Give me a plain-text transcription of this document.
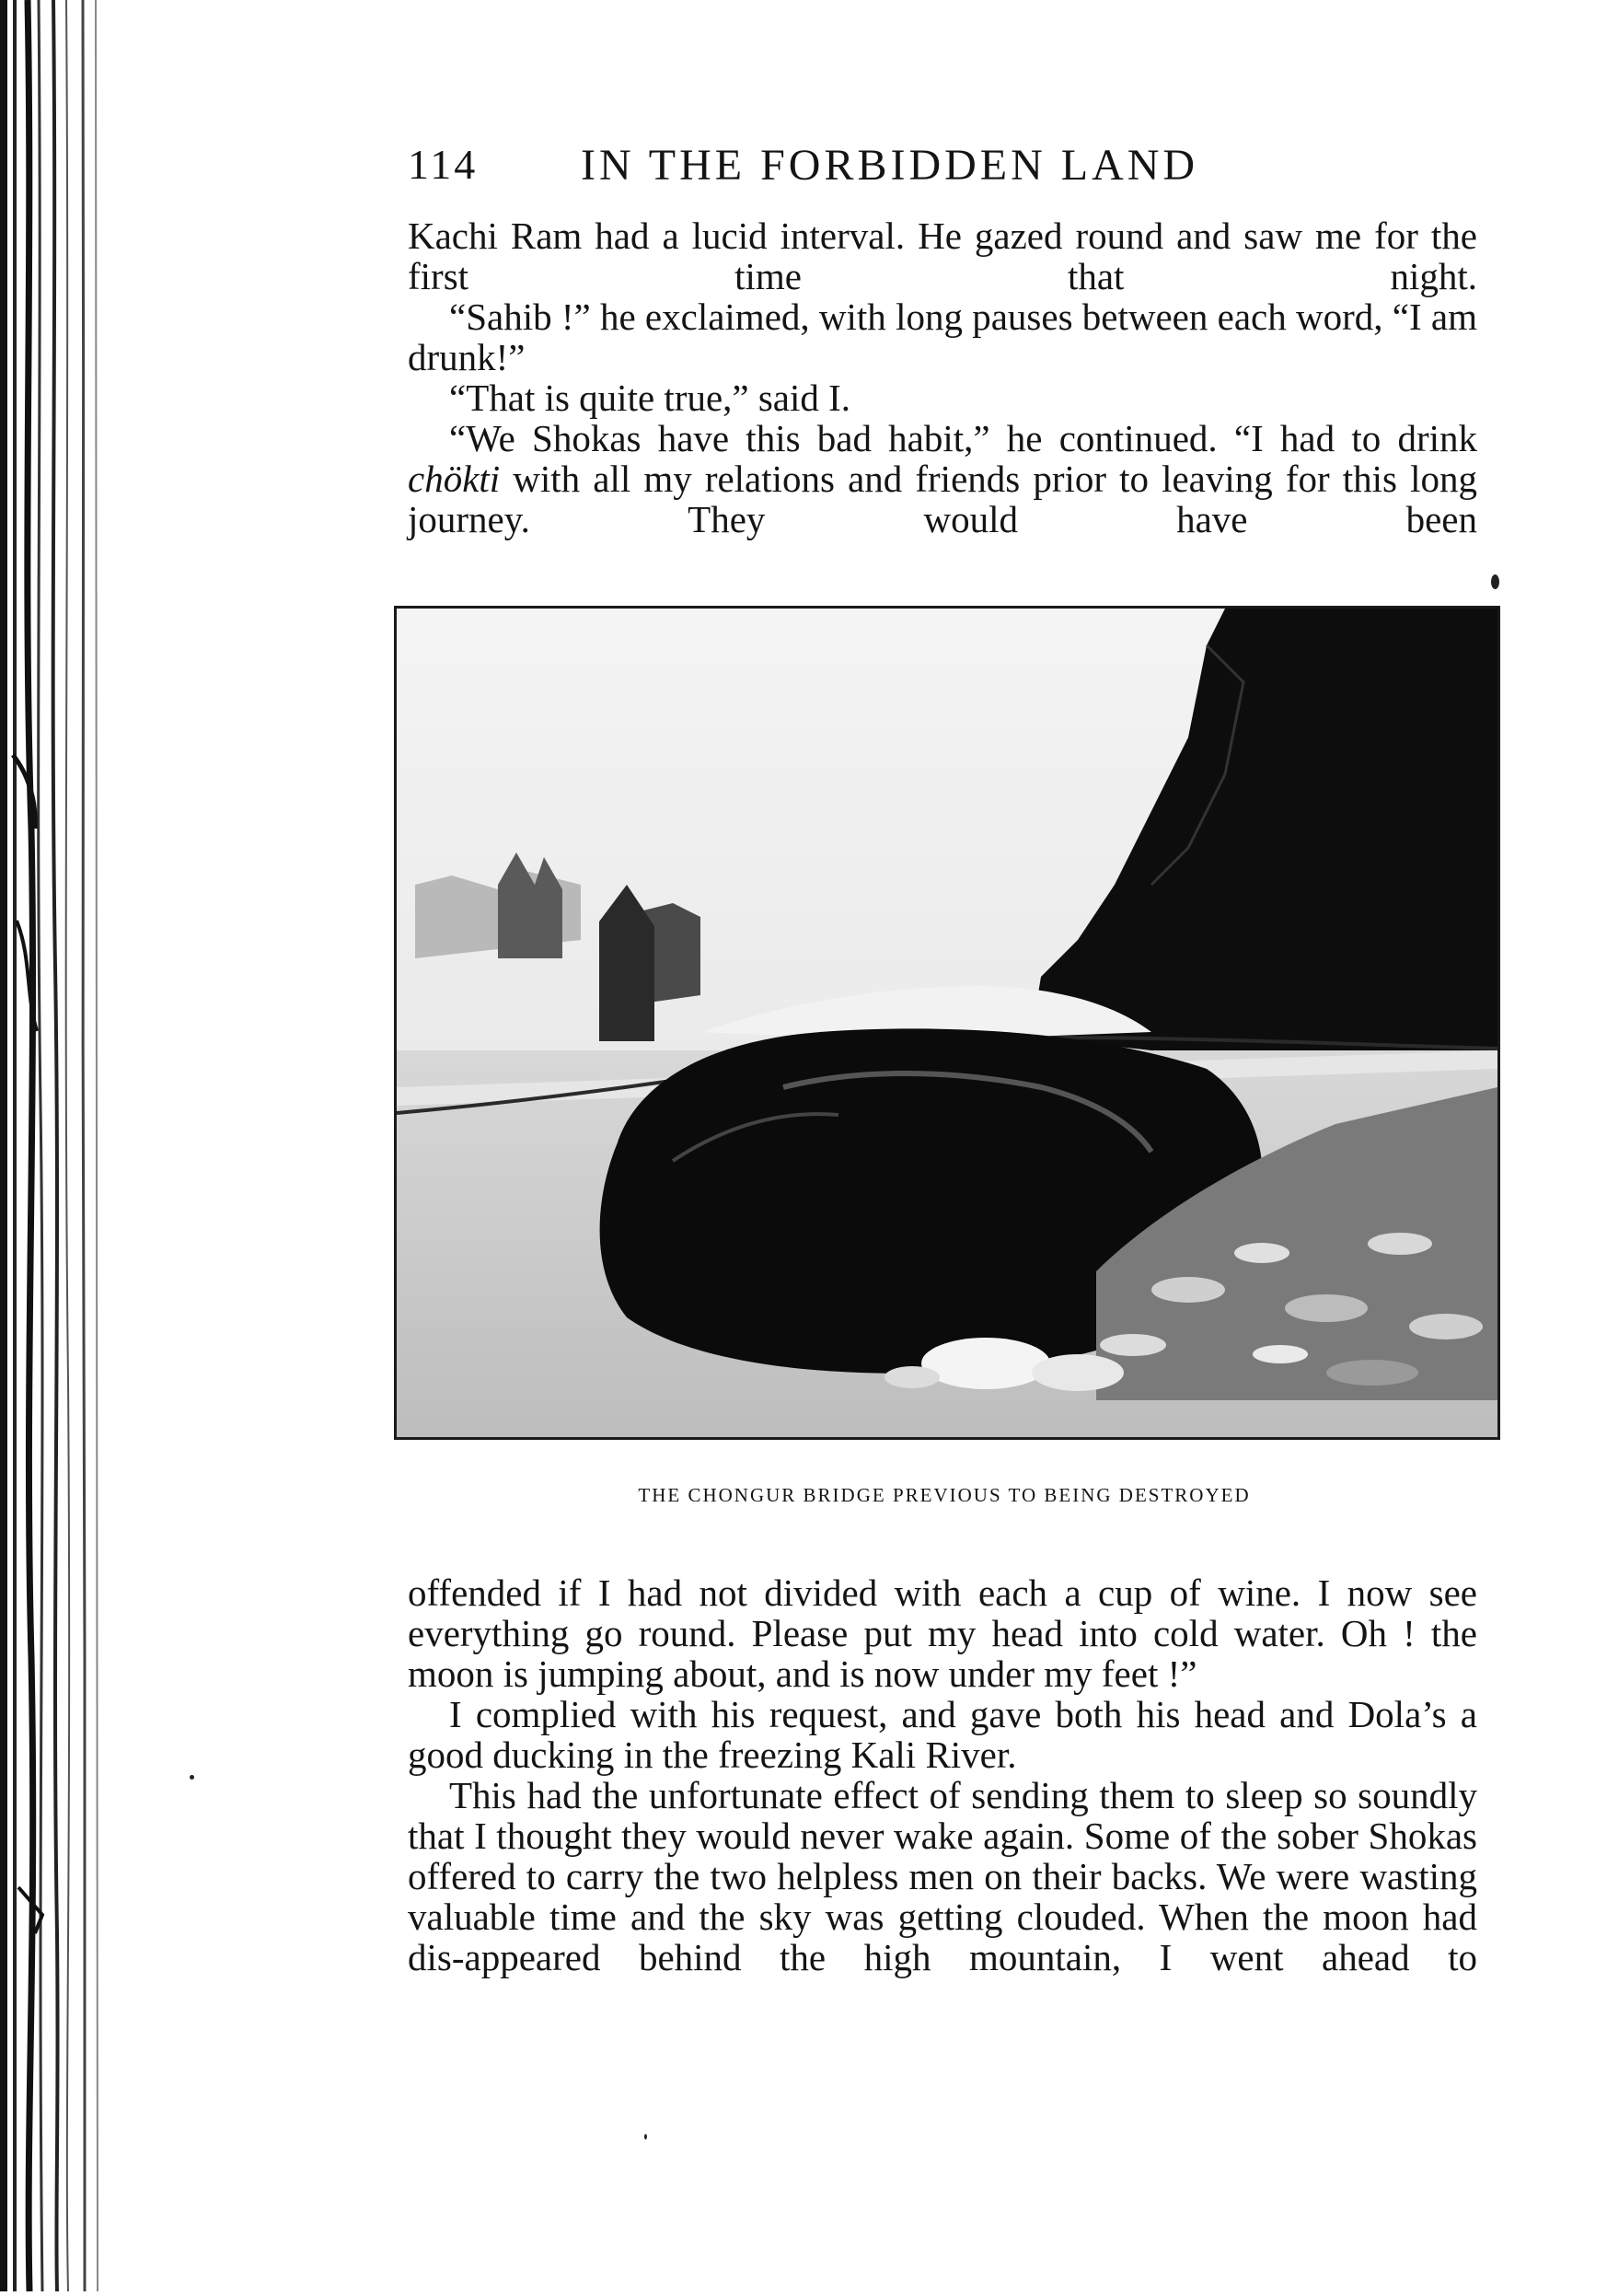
114 IN THE FORBIDDEN LAND

Kachi Ram had a lucid interval. He gazed round and saw me for the first time that night.

“Sahib !” he exclaimed, with long pauses between each word, “I am drunk!”

“That is quite true,” said I.

“We Shokas have this bad habit,” he continued. “I had to drink chökti with all my relations and friends prior to leaving for this long journey. They would have been

THE CHONGUR BRIDGE PREVIOUS TO BEING DESTROYED

offended if I had not divided with each a cup of wine. I now see everything go round. Please put my head into cold water. Oh ! the moon is jumping about, and is now under my feet !”

I complied with his request, and gave both his head and Dola’s a good ducking in the freezing Kali River.

This had the unfortunate effect of sending them to sleep so soundly that I thought they would never wake again. Some of the sober Shokas offered to carry the two helpless men on their backs. We were wasting valuable time and the sky was getting clouded. When the moon had dis-appeared behind the high mountain, I went ahead to
